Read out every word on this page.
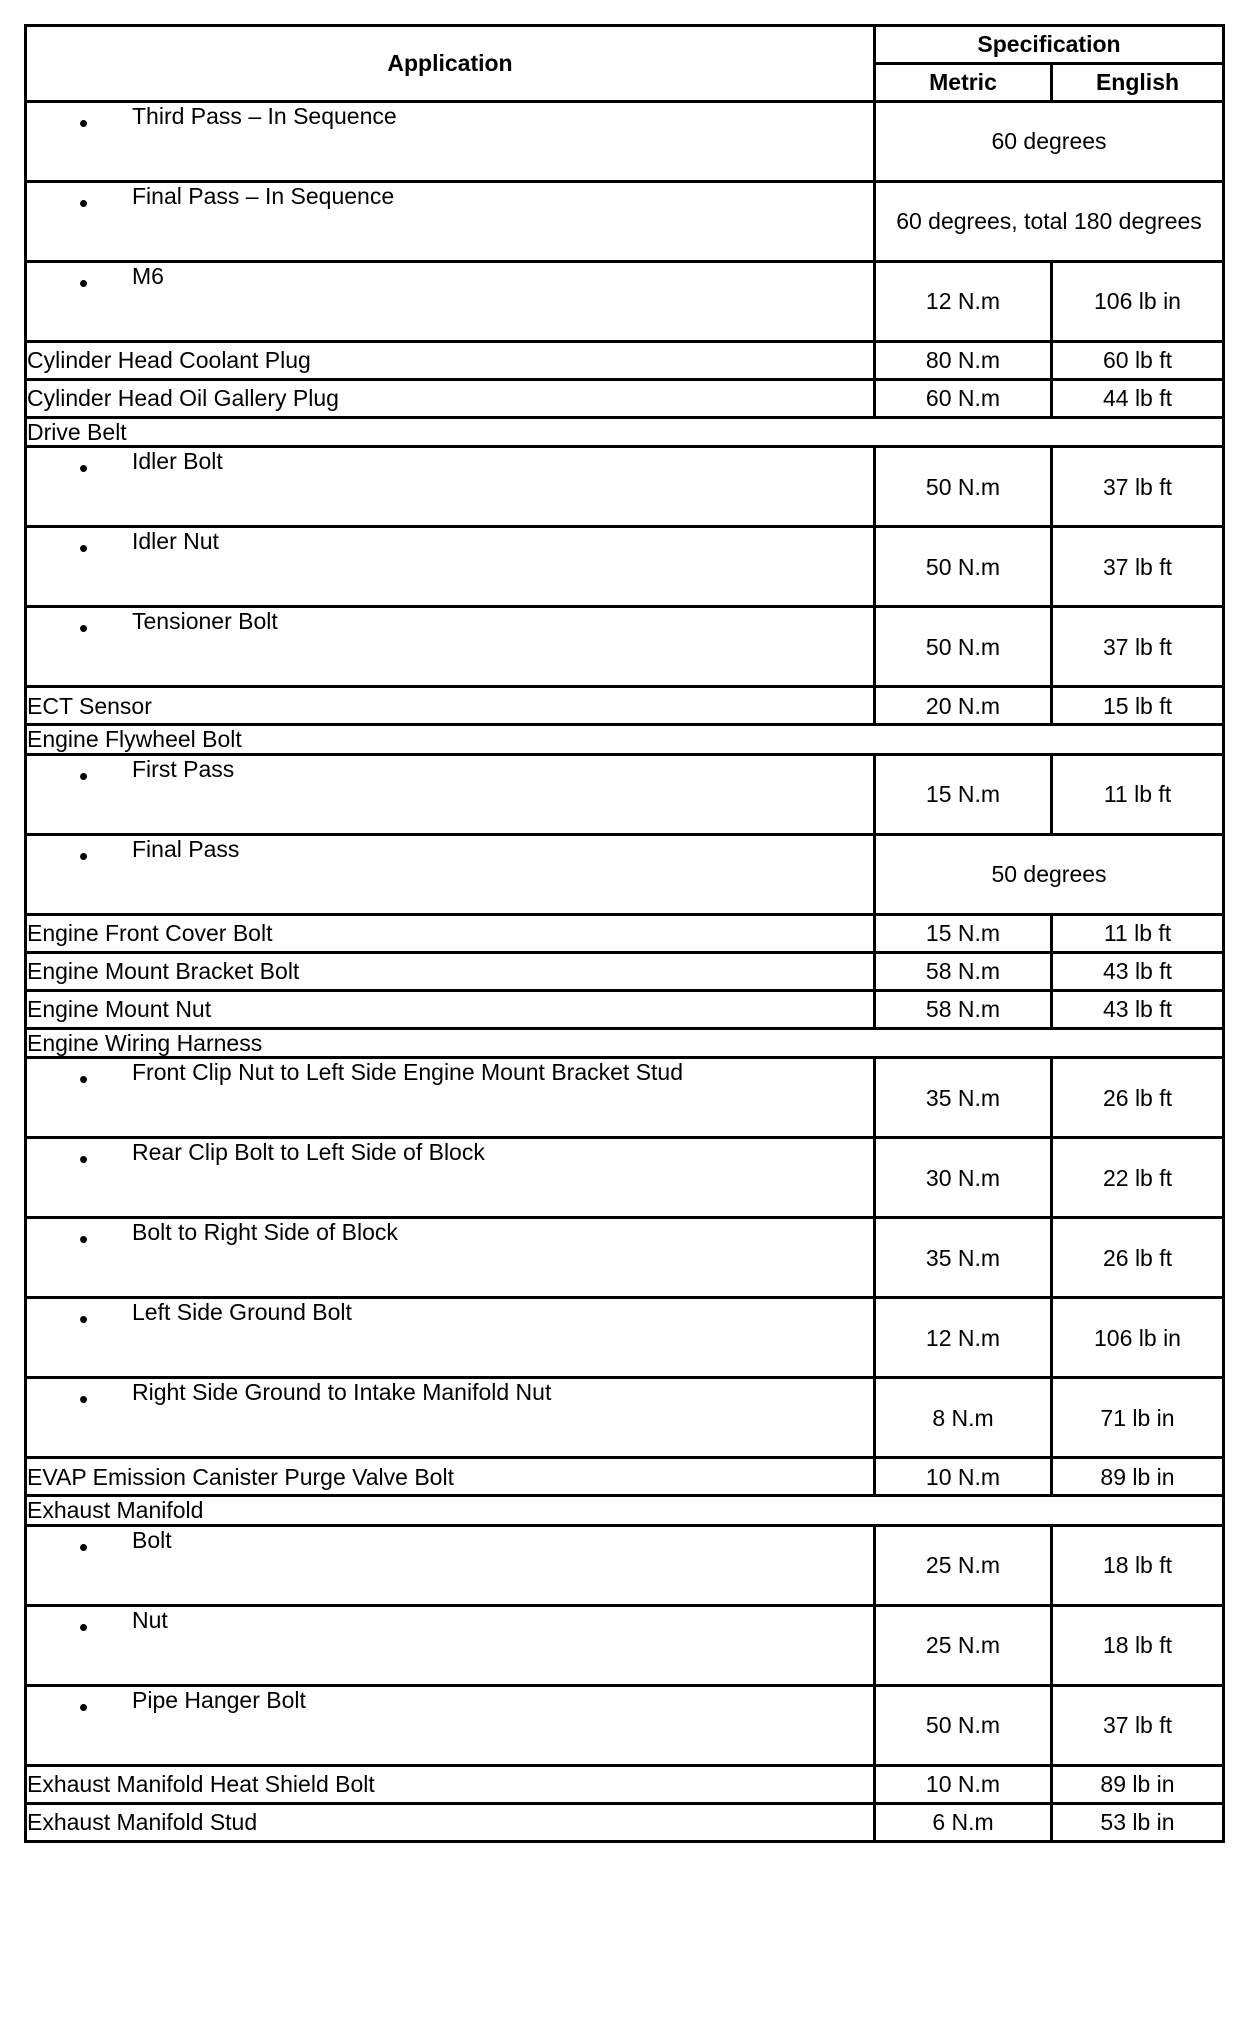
Application	Specification	
	Metric	English

• Third Pass – In Sequence	60 degrees	

• Final Pass – In Sequence	60 degrees, total 180 degrees	

• M6	12 N.m	106 lb in
Cylinder Head Coolant Plug	80 N.m	60 lb ft
Cylinder Head Oil Gallery Plug	60 N.m	44 lb ft
Drive Belt		

• Idler Bolt	50 N.m	37 lb ft

• Idler Nut	50 N.m	37 lb ft

• Tensioner Bolt	50 N.m	37 lb ft
ECT Sensor	20 N.m	15 lb ft
Engine Flywheel Bolt		

• First Pass	15 N.m	11 lb ft

• Final Pass	50 degrees	
Engine Front Cover Bolt	15 N.m	11 lb ft
Engine Mount Bracket Bolt	58 N.m	43 lb ft
Engine Mount Nut	58 N.m	43 lb ft
Engine Wiring Harness		

• Front Clip Nut to Left Side Engine Mount Bracket Stud	35 N.m	26 lb ft

• Rear Clip Bolt to Left Side of Block	30 N.m	22 lb ft

• Bolt to Right Side of Block	35 N.m	26 lb ft

• Left Side Ground Bolt	12 N.m	106 lb in

• Right Side Ground to Intake Manifold Nut	8 N.m	71 lb in
EVAP Emission Canister Purge Valve Bolt	10 N.m	89 lb in
Exhaust Manifold		

• Bolt	25 N.m	18 lb ft

• Nut	25 N.m	18 lb ft

• Pipe Hanger Bolt	50 N.m	37 lb ft
Exhaust Manifold Heat Shield Bolt	10 N.m	89 lb in
Exhaust Manifold Stud	6 N.m	53 lb in
